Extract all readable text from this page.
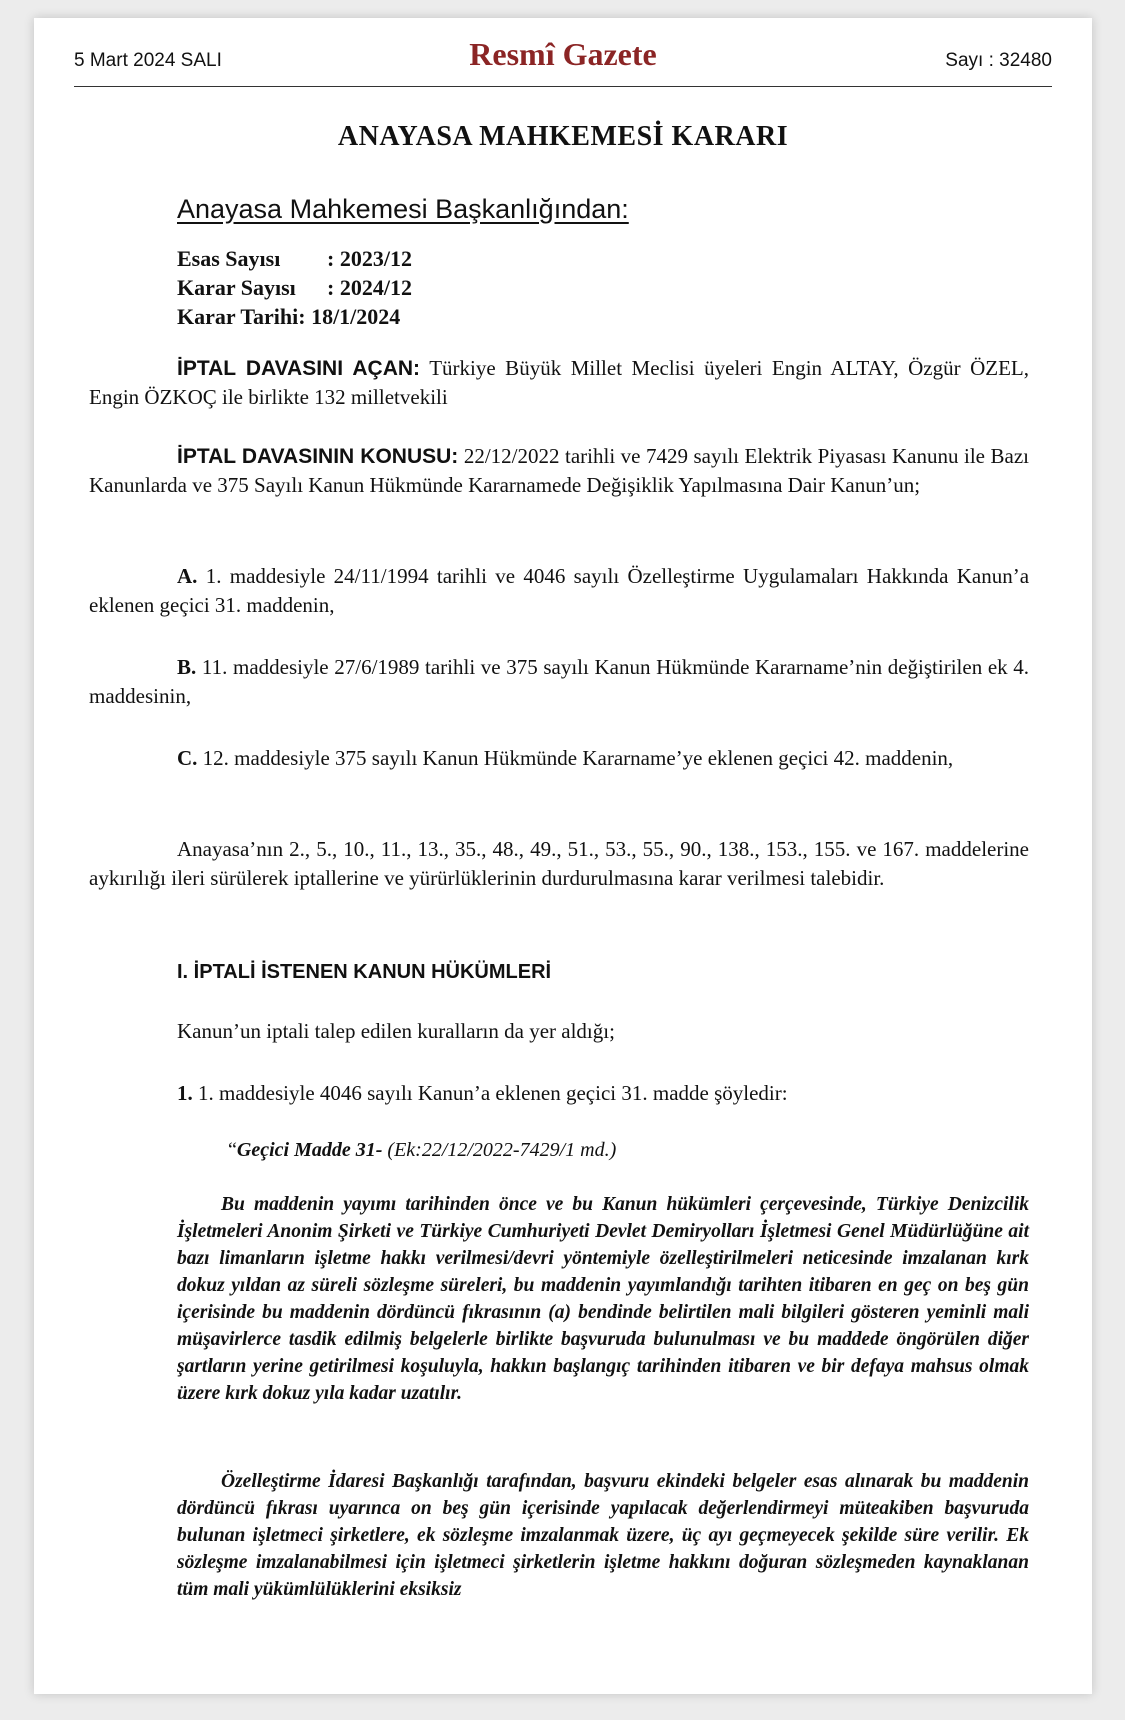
5 Mart 2024 SALI	Resmî Gazete	Sayı : 32480
ANAYASA MAHKEMESİ KARARI
Anayasa Mahkemesi Başkanlığından:
Esas Sayısı : 2023/12
Karar Sayısı : 2024/12
Karar Tarihi: 18/1/2024
İPTAL DAVASINI AÇAN: Türkiye Büyük Millet Meclisi üyeleri Engin ALTAY, Özgür ÖZEL, Engin ÖZKOÇ ile birlikte 132 milletvekili
İPTAL DAVASININ KONUSU: 22/12/2022 tarihli ve 7429 sayılı Elektrik Piyasası Kanunu ile Bazı Kanunlarda ve 375 Sayılı Kanun Hükmünde Kararnamede Değişiklik Yapılmasına Dair Kanun’un;
A. 1. maddesiyle 24/11/1994 tarihli ve 4046 sayılı Özelleştirme Uygulamaları Hakkında Kanun’a eklenen geçici 31. maddenin,
B. 11. maddesiyle 27/6/1989 tarihli ve 375 sayılı Kanun Hükmünde Kararname’nin değiştirilen ek 4. maddesinin,
C. 12. maddesiyle 375 sayılı Kanun Hükmünde Kararname’ye eklenen geçici 42. maddenin,
Anayasa’nın 2., 5., 10., 11., 13., 35., 48., 49., 51., 53., 55., 90., 138., 153., 155. ve 167. maddelerine aykırılığı ileri sürülerek iptallerine ve yürürlüklerinin durdurulmasına karar verilmesi talebidir.
I. İPTALİ İSTENEN KANUN HÜKÜMLERİ
Kanun’un iptali talep edilen kuralların da yer aldığı;
1. 1. maddesiyle 4046 sayılı Kanun’a eklenen geçici 31. madde şöyledir:
“Geçici Madde 31- (Ek:22/12/2022-7429/1 md.)
Bu maddenin yayımı tarihinden önce ve bu Kanun hükümleri çerçevesinde, Türkiye Denizcilik İşletmeleri Anonim Şirketi ve Türkiye Cumhuriyeti Devlet Demiryolları İşletmesi Genel Müdürlüğüne ait bazı limanların işletme hakkı verilmesi/devri yöntemiyle özelleştirilmeleri neticesinde imzalanan kırk dokuz yıldan az süreli sözleşme süreleri, bu maddenin yayımlandığı tarihten itibaren en geç on beş gün içerisinde bu maddenin dördüncü fıkrasının (a) bendinde belirtilen mali bilgileri gösteren yeminli mali müşavirlerce tasdik edilmiş belgelerle birlikte başvuruda bulunulması ve bu maddede öngörülen diğer şartların yerine getirilmesi koşuluyla, hakkın başlangıç tarihinden itibaren ve bir defaya mahsus olmak üzere kırk dokuz yıla kadar uzatılır.
Özelleştirme İdaresi Başkanlığı tarafından, başvuru ekindeki belgeler esas alınarak bu maddenin dördüncü fıkrası uyarınca on beş gün içerisinde yapılacak değerlendirmeyi müteakiben başvuruda bulunan işletmeci şirketlere, ek sözleşme imzalanmak üzere, üç ayı geçmeyecek şekilde süre verilir. Ek sözleşme imzalanabilmesi için işletmeci şirketlerin işletme hakkını doğuran sözleşmeden kaynaklanan tüm mali yükümlülüklerini eksiksiz
